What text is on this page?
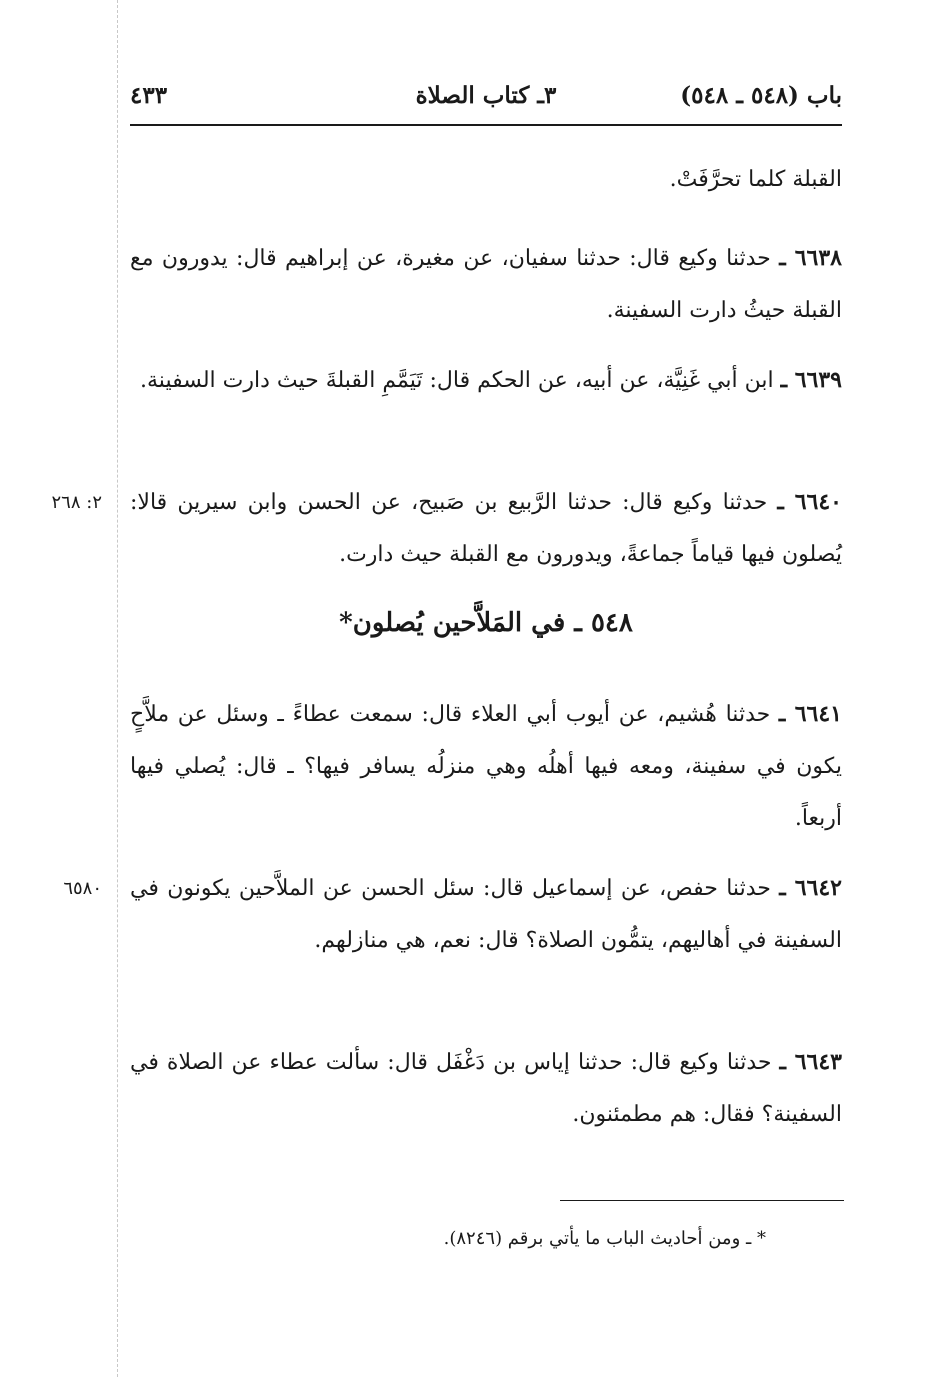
باب (٥٤٨ ـ ٥٤٨)
٣ـ كتاب الصلاة
٤٣٣

القبلة كلما تحرَّفَتْ.

٦٦٣٨ ـ حدثنا وكيع قال: حدثنا سفيان، عن مغيرة، عن إبراهيم قال: يدورون مع القبلة حيثُ دارت السفينة.

٦٦٣٩ ـ ابن أبي غَنِيَّة، عن أبيه، عن الحكم قال: تَيَمَّمِ القبلةَ حيث دارت السفينة.

٢: ٢٦٨	٦٦٤٠ ـ حدثنا وكيع قال: حدثنا الرَّبيع بن صَبيح، عن الحسن وابن سيرين قالا: يُصلون فيها قياماً جماعةً، ويدورون مع القبلة حيث دارت.

٥٤٨ ـ في المَلاَّحين يُصلون*

٦٦٤١ ـ حدثنا هُشيم، عن أيوب أبي العلاء قال: سمعت عطاءً ـ وسئل عن ملاَّحٍ يكون في سفينة، ومعه فيها أهلُه وهي منزلُه يسافر فيها؟ ـ قال: يُصلي فيها أربعاً.

٦٥٨٠	٦٦٤٢ ـ حدثنا حفص، عن إسماعيل قال: سئل الحسن عن الملاَّحين يكونون في السفينة في أهاليهم، يتمُّون الصلاة؟ قال: نعم، هي منازلهم.

٦٦٤٣ ـ حدثنا وكيع قال: حدثنا إياس بن دَغْفَل قال: سألت عطاء عن الصلاة في السفينة؟ فقال: هم مطمئنون.

* ـ ومن أحاديث الباب ما يأتي برقم (٨٢٤٦).
